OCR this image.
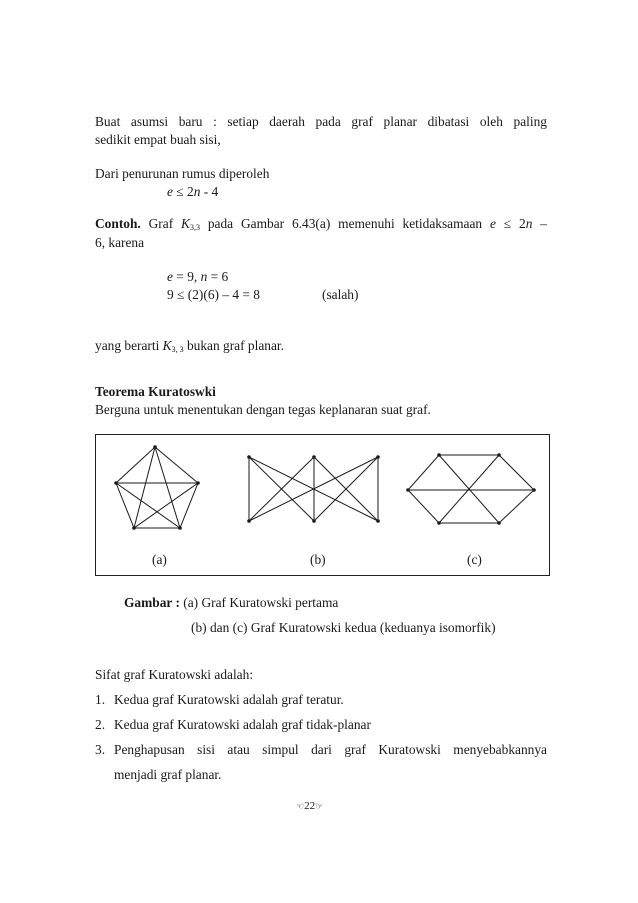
Buat asumsi baru : setiap daerah pada graf planar dibatasi oleh paling
sedikit empat buah sisi,
Dari penurunan rumus diperoleh
e ≤ 2n - 4
Contoh. Graf $K_{3,3}$ pada Gambar 6.43(a) memenuhi ketidaksamaan e ≤ 2n –
6, karena
e = 9, n = 6
9 ≤ (2)(6) – 4 = 8	(salah)
yang berarti $K_{3, 3}$ bukan graf planar.
Teorema Kuratoswki
Berguna untuk menentukan dengan tegas keplanaran suat graf.
(a)	(b)	(c)
Gambar : (a) Graf Kuratowski pertama
(b) dan (c) Graf Kuratowski kedua (keduanya isomorfik)
Sifat graf Kuratowski adalah:
1. Kedua graf Kuratowski adalah graf teratur.
2. Kedua graf Kuratowski adalah graf tidak-planar
3. Penghapusan sisi atau simpul dari graf Kuratowski menyebabkannya
menjadi graf planar.
☜22☞
